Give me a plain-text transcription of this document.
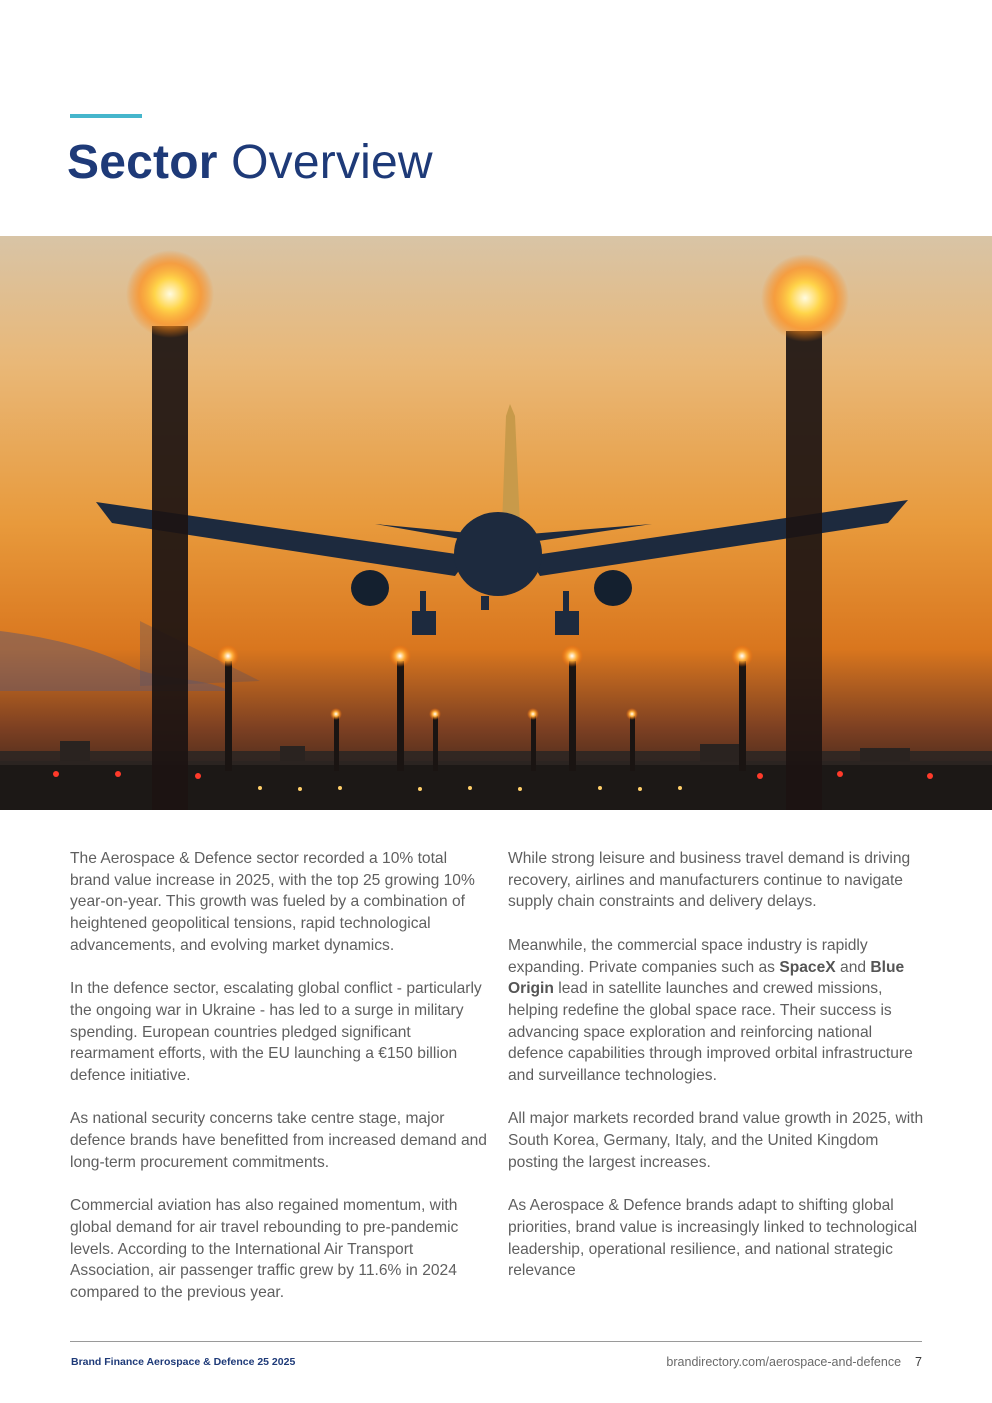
Sector Overview

The Aerospace & Defence sector recorded a 10% total brand value increase in 2025, with the top 25 growing 10% year-on-year. This growth was fueled by a combination of heightened geopolitical tensions, rapid technological advancements, and evolving market dynamics.

In the defence sector, escalating global conflict - particularly the ongoing war in Ukraine - has led to a surge in military spending. European countries pledged significant rearmament efforts, with the EU launching a €150 billion defence initiative.

As national security concerns take centre stage, major defence brands have benefitted from increased demand and long-term procurement commitments.

Commercial aviation has also regained momentum, with global demand for air travel rebounding to pre-pandemic levels. According to the International Air Transport Association, air passenger traffic grew by 11.6% in 2024 compared to the previous year.

While strong leisure and business travel demand is driving recovery, airlines and manufacturers continue to navigate supply chain constraints and delivery delays.

Meanwhile, the commercial space industry is rapidly expanding. Private companies such as SpaceX and Blue Origin lead in satellite launches and crewed missions, helping redefine the global space race. Their success is advancing space exploration and reinforcing national defence capabilities through improved orbital infrastructure and surveillance technologies.

All major markets recorded brand value growth in 2025, with South Korea, Germany, Italy, and the United Kingdom posting the largest increases.

As Aerospace & Defence brands adapt to shifting global priorities, brand value is increasingly linked to technological leadership, operational resilience, and national strategic relevance

Brand Finance Aerospace & Defence 25 2025	brandirectory.com/aerospace-and-defence 7
